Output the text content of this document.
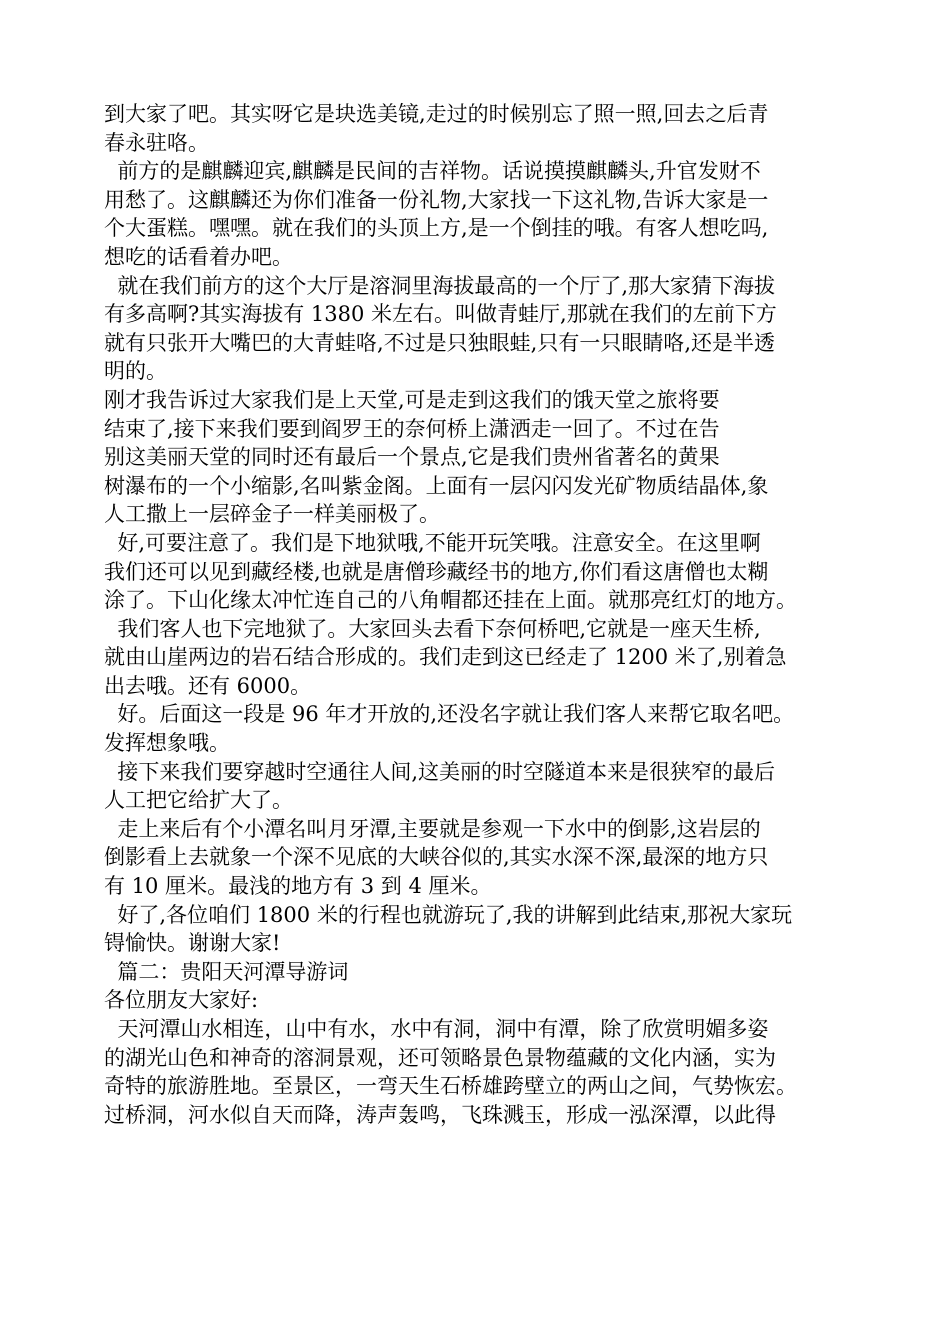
到大家了吧。其实呀它是块选美镜,走过的时候别忘了照一照,回去之后青
春永驻咯。
前方的是麒麟迎宾,麒麟是民间的吉祥物。话说摸摸麒麟头,升官发财不
用愁了。这麒麟还为你们准备一份礼物,大家找一下这礼物,告诉大家是一
个大蛋糕。嘿嘿。就在我们的头顶上方,是一个倒挂的哦。有客人想吃吗,
想吃的话看着办吧。
就在我们前方的这个大厅是溶洞里海拔最高的一个厅了,那大家猜下海拔
有多高啊?其实海拔有 1380 米左右。叫做青蛙厅,那就在我们的左前下方
就有只张开大嘴巴的大青蛙咯,不过是只独眼蛙,只有一只眼睛咯,还是半透
明的。
刚才我告诉过大家我们是上天堂,可是走到这我们的饿天堂之旅将要
结束了,接下来我们要到阎罗王的奈何桥上潇洒走一回了。不过在告
别这美丽天堂的同时还有最后一个景点,它是我们贵州省著名的黄果
树瀑布的一个小缩影,名叫紫金阁。上面有一层闪闪发光矿物质结晶体,象
人工撒上一层碎金子一样美丽极了。
好,可要注意了。我们是下地狱哦,不能开玩笑哦。注意安全。在这里啊
我们还可以见到藏经楼,也就是唐僧珍藏经书的地方,你们看这唐僧也太糊
涂了。下山化缘太冲忙连自己的八角帽都还挂在上面。就那亮红灯的地方。
我们客人也下完地狱了。大家回头去看下奈何桥吧,它就是一座天生桥,
就由山崖两边的岩石结合形成的。我们走到这已经走了 1200 米了,别着急
出去哦。还有 6000。
好。后面这一段是 96 年才开放的,还没名字就让我们客人来帮它取名吧。
发挥想象哦。
接下来我们要穿越时空通往人间,这美丽的时空隧道本来是很狭窄的最后
人工把它给扩大了。
走上来后有个小潭名叫月牙潭,主要就是参观一下水中的倒影,这岩层的
倒影看上去就象一个深不见底的大峡谷似的,其实水深不深,最深的地方只
有 10 厘米。最浅的地方有 3 到 4 厘米。
好了,各位咱们 1800 米的行程也就游玩了,我的讲解到此结束,那祝大家玩
锝愉快。谢谢大家!
篇二：贵阳天河潭导游词
各位朋友大家好:
天河潭山水相连，山中有水，水中有洞，洞中有潭，除了欣赏明媚多姿
的湖光山色和神奇的溶洞景观，还可领略景色景物蕴藏的文化内涵，实为
奇特的旅游胜地。至景区，一弯天生石桥雄跨壁立的两山之间，气势恢宏。
过桥洞，河水似自天而降，涛声轰鸣，飞珠溅玉，形成一泓深潭，以此得
